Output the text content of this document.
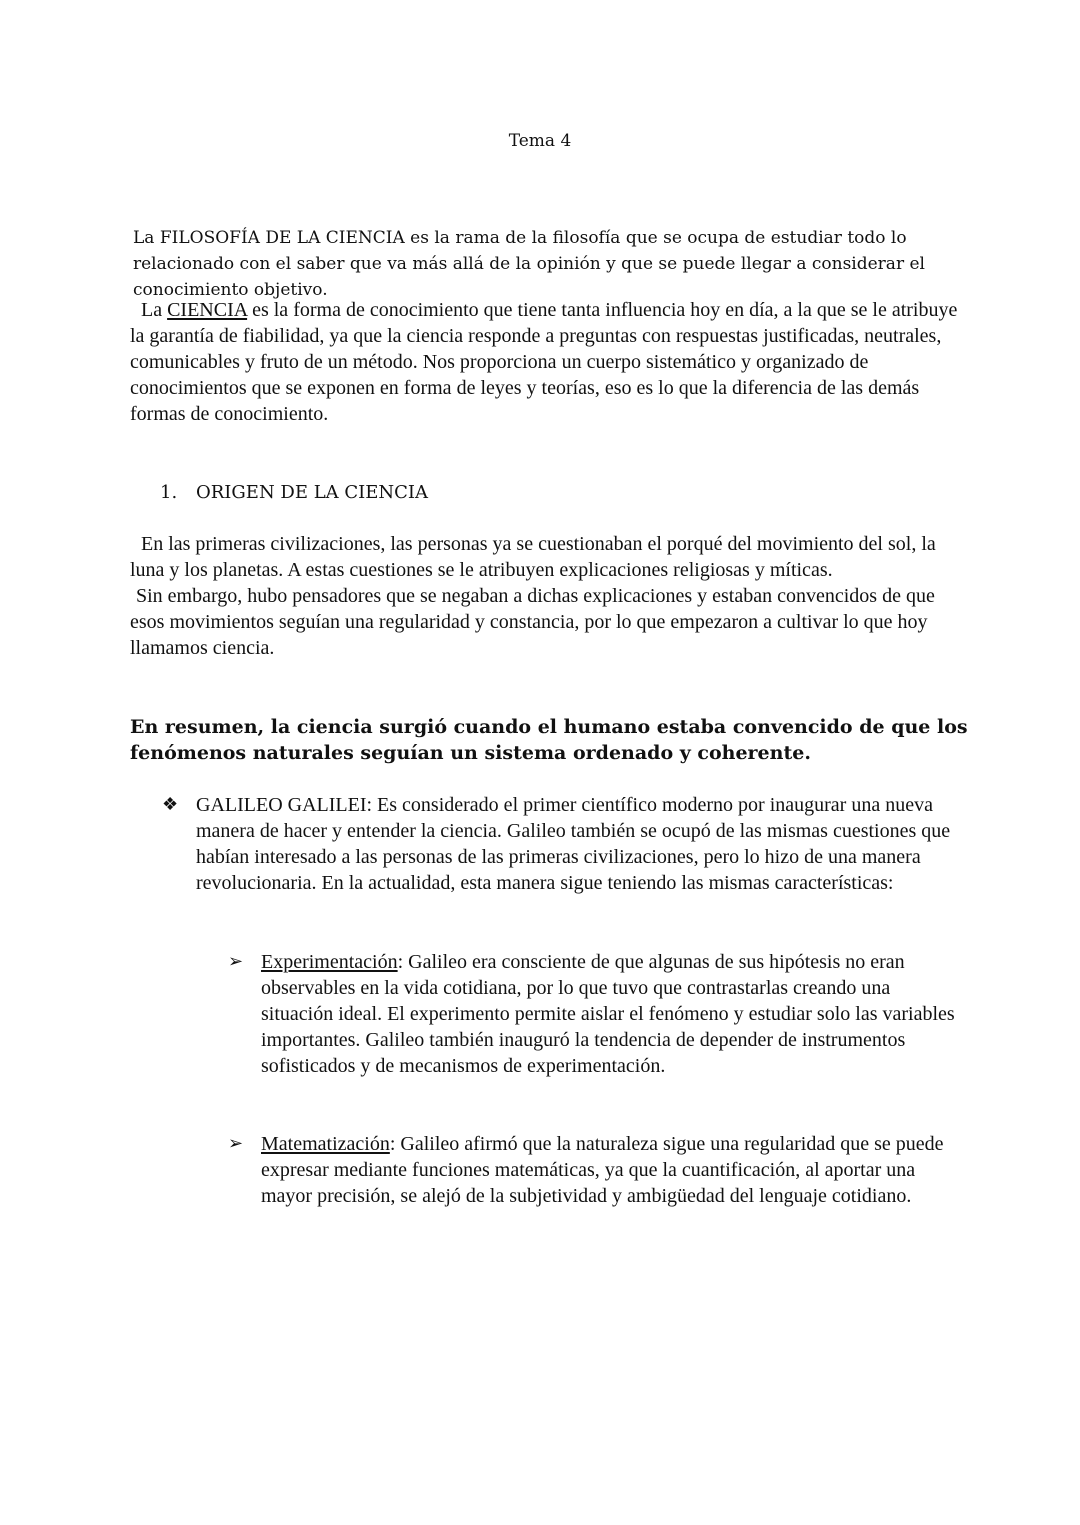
Tema 4

La FILOSOFÍA DE LA CIENCIA es la rama de la filosofía que se ocupa de estudiar todo lo relacionado con el saber que va más allá de la opinión y que se puede llegar a considerar el conocimiento objetivo.

La CIENCIA es la forma de conocimiento que tiene tanta influencia hoy en día, a la que se le atribuye la garantía de fiabilidad, ya que la ciencia responde a preguntas con respuestas justificadas, neutrales, comunicables y fruto de un método. Nos proporciona un cuerpo sistemático y organizado de conocimientos que se exponen en forma de leyes y teorías, eso es lo que la diferencia de las demás formas de conocimiento.

1. ORIGEN DE LA CIENCIA
En las primeras civilizaciones, las personas ya se cuestionaban el porqué del movimiento del sol, la luna y los planetas. A estas cuestiones se le atribuyen explicaciones religiosas y míticas.
Sin embargo, hubo pensadores que se negaban a dichas explicaciones y estaban convencidos de que esos movimientos seguían una regularidad y constancia, por lo que empezaron a cultivar lo que hoy llamamos ciencia.

En resumen, la ciencia surgió cuando el humano estaba convencido de que los fenómenos naturales seguían un sistema ordenado y coherente.

❖ GALILEO GALILEI: Es considerado el primer científico moderno por inaugurar una nueva manera de hacer y entender la ciencia. Galileo también se ocupó de las mismas cuestiones que habían interesado a las personas de las primeras civilizaciones, pero lo hizo de una manera revolucionaria. En la actualidad, esta manera sigue teniendo las mismas características:

➢ Experimentación: Galileo era consciente de que algunas de sus hipótesis no eran observables en la vida cotidiana, por lo que tuvo que contrastarlas creando una situación ideal. El experimento permite aislar el fenómeno y estudiar solo las variables importantes. Galileo también inauguró la tendencia de depender de instrumentos sofisticados y de mecanismos de experimentación.

➢ Matematización: Galileo afirmó que la naturaleza sigue una regularidad que se puede expresar mediante funciones matemáticas, ya que la cuantificación, al aportar una mayor precisión, se alejó de la subjetividad y ambigüedad del lenguaje cotidiano.
